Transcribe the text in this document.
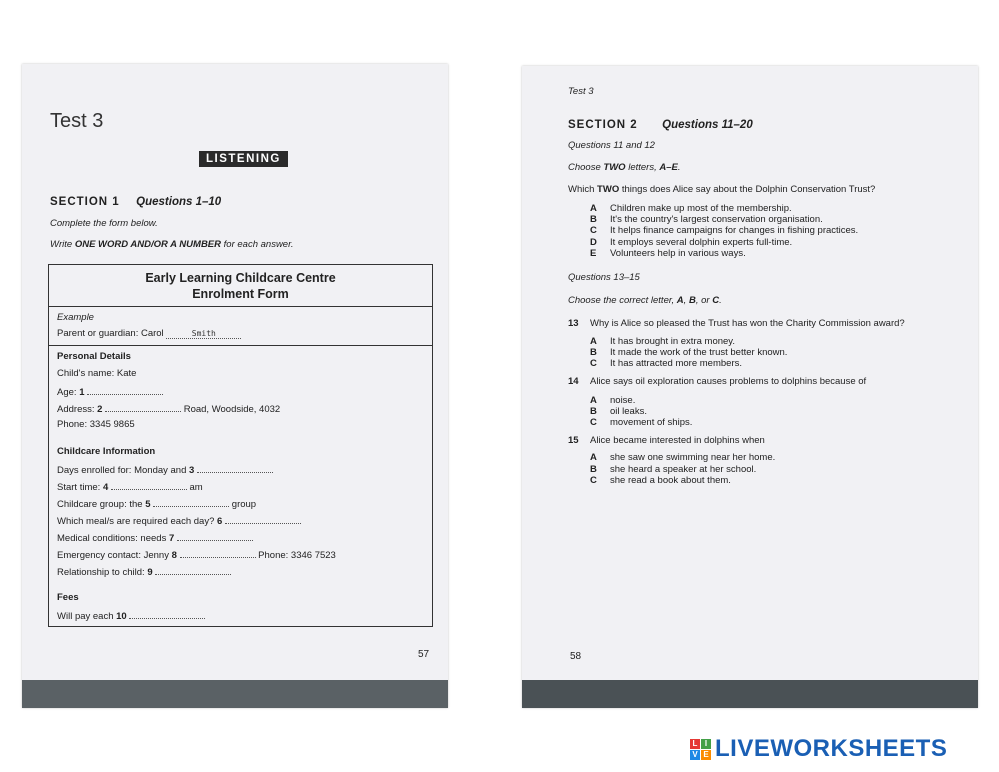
Test 3
LISTENING
SECTION 1 Questions 1–10
Complete the form below.
Write ONE WORD AND/OR A NUMBER for each answer.
Early Learning Childcare Centre
Enrolment Form
Example
Parent or guardian: Carol	Smith
Personal Details
Child's name: Kate
Age: 1
Address: 2	Road, Woodside, 4032
Phone: 3345 9865
Childcare Information
Days enrolled for: Monday and 3
Start time: 4	am
Childcare group: the 5	group
Which meal/s are required each day? 6
Medical conditions: needs 7
Emergency contact: Jenny 8	Phone: 3346 7523
Relationship to child: 9
Fees
Will pay each 10
57
Test 3
SECTION 2 Questions 11–20
Questions 11 and 12
Choose TWO letters, A–E.
Which TWO things does Alice say about the Dolphin Conservation Trust?
A Children make up most of the membership.
B It's the country's largest conservation organisation.
C It helps finance campaigns for changes in fishing practices.
D It employs several dolphin experts full-time.
E Volunteers help in various ways.
Questions 13–15
Choose the correct letter, A, B, or C.
13 Why is Alice so pleased the Trust has won the Charity Commission award?
A It has brought in extra money.
B It made the work of the trust better known.
C It has attracted more members.
14 Alice says oil exploration causes problems to dolphins because of
A noise.
B oil leaks.
C movement of ships.
15 Alice became interested in dolphins when
A she saw one swimming near her home.
B she heard a speaker at her school.
C she read a book about them.
58
L I
V E LIVEWORKSHEETS
